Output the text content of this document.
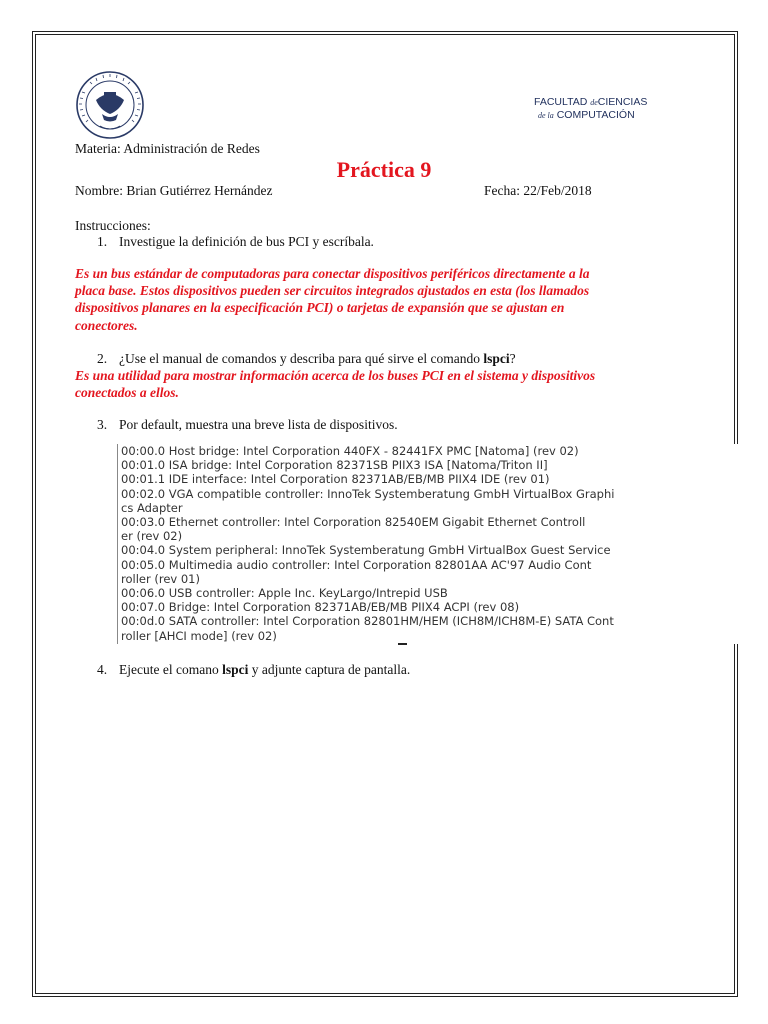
FACULTAD deCIENCIAS
de la COMPUTACIÓN
Materia: Administración de Redes
Práctica 9
Nombre: Brian Gutiérrez Hernández	Fecha: 22/Feb/2018
Instrucciones:
1. Investigue la definición de bus PCI y escríbala.
Es un bus estándar de computadoras para conectar dispositivos periféricos directamente a la
placa base. Estos dispositivos pueden ser circuitos integrados ajustados en esta (los llamados
dispositivos planares en la especificación PCI) o tarjetas de expansión que se ajustan en
conectores.
2. ¿Use el manual de comandos y describa para qué sirve el comando lspci?
Es una utilidad para mostrar información acerca de los buses PCI en el sistema y dispositivos
conectados a ellos.
3. Por default, muestra una breve lista de dispositivos.
00:00.0 Host bridge: Intel Corporation 440FX - 82441FX PMC [Natoma] (rev 02)
00:01.0 ISA bridge: Intel Corporation 82371SB PIIX3 ISA [Natoma/Triton II]
00:01.1 IDE interface: Intel Corporation 82371AB/EB/MB PIIX4 IDE (rev 01)
00:02.0 VGA compatible controller: InnoTek Systemberatung GmbH VirtualBox Graphi
cs Adapter
00:03.0 Ethernet controller: Intel Corporation 82540EM Gigabit Ethernet Controll
er (rev 02)
00:04.0 System peripheral: InnoTek Systemberatung GmbH VirtualBox Guest Service
00:05.0 Multimedia audio controller: Intel Corporation 82801AA AC'97 Audio Cont
roller (rev 01)
00:06.0 USB controller: Apple Inc. KeyLargo/Intrepid USB
00:07.0 Bridge: Intel Corporation 82371AB/EB/MB PIIX4 ACPI (rev 08)
00:0d.0 SATA controller: Intel Corporation 82801HM/HEM (ICH8M/ICH8M-E) SATA Cont
roller [AHCI mode] (rev 02)
4. Ejecute el comano lspci y adjunte captura de pantalla.
